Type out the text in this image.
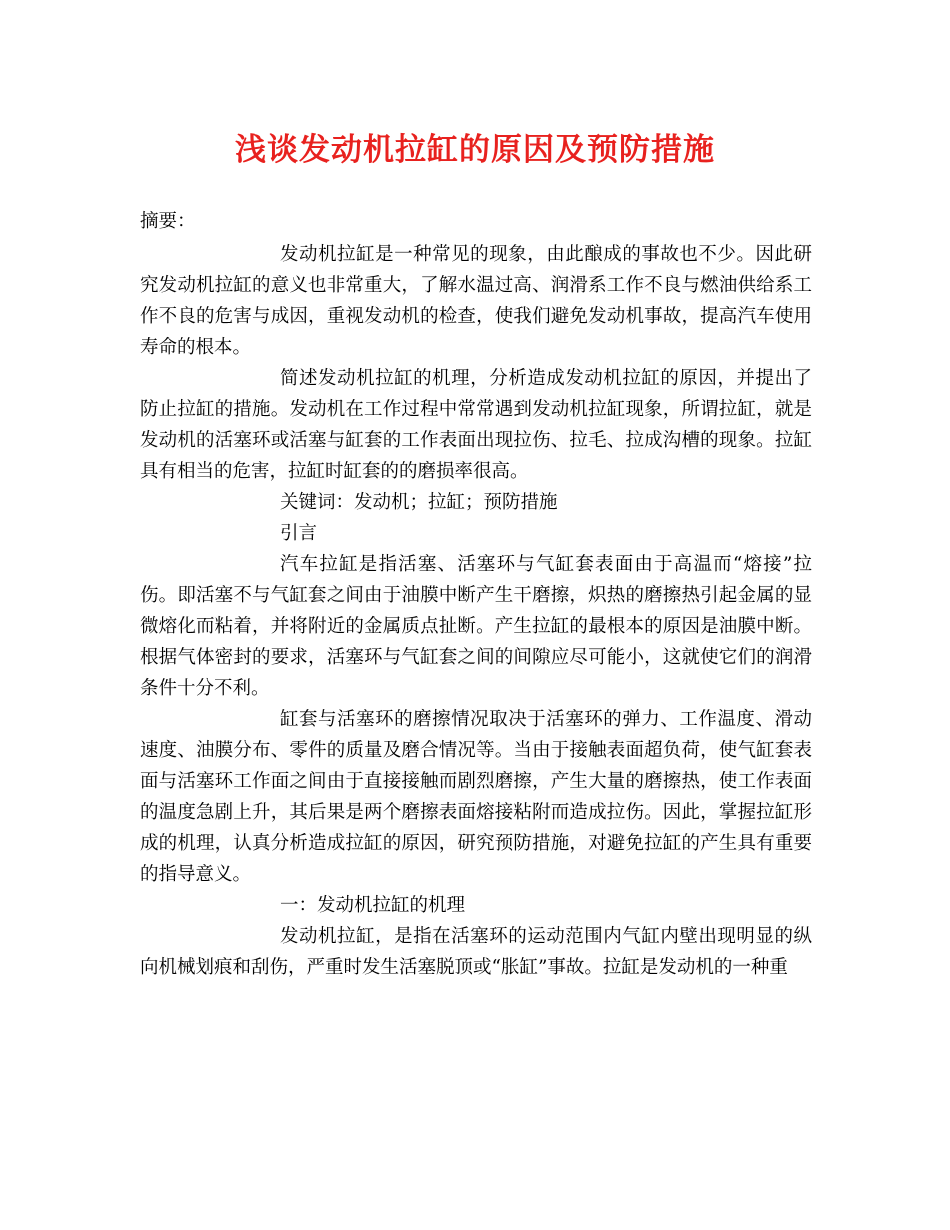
浅谈发动机拉缸的原因及预防措施

摘要：

发动机拉缸是一种常见的现象，由此酿成的事故也不少。因此研究发动机拉缸的意义也非常重大，了解水温过高、润滑系工作不良与燃油供给系工作不良的危害与成因，重视发动机的检查，使我们避免发动机事故，提高汽车使用寿命的根本。

简述发动机拉缸的机理，分析造成发动机拉缸的原因，并提出了防止拉缸的措施。发动机在工作过程中常常遇到发动机拉缸现象，所谓拉缸，就是发动机的活塞环或活塞与缸套的工作表面出现拉伤、拉毛、拉成沟槽的现象。拉缸具有相当的危害，拉缸时缸套的的磨损率很高。

关键词：发动机；拉缸；预防措施

引言

汽车拉缸是指活塞、活塞环与气缸套表面由于高温而“熔接”拉伤。即活塞不与气缸套之间由于油膜中断产生干磨擦，炽热的磨擦热引起金属的显微熔化而粘着，并将附近的金属质点扯断。产生拉缸的最根本的原因是油膜中断。根据气体密封的要求，活塞环与气缸套之间的间隙应尽可能小，这就使它们的润滑条件十分不利。

缸套与活塞环的磨擦情况取决于活塞环的弹力、工作温度、滑动速度、油膜分布、零件的质量及磨合情况等。当由于接触表面超负荷，使气缸套表面与活塞环工作面之间由于直接接触而剧烈磨擦，产生大量的磨擦热，使工作表面的温度急剧上升，其后果是两个磨擦表面熔接粘附而造成拉伤。因此，掌握拉缸形成的机理，认真分析造成拉缸的原因，研究预防措施，对避免拉缸的产生具有重要的指导意义。

一：发动机拉缸的机理

发动机拉缸，是指在活塞环的运动范围内气缸内壁出现明显的纵向机械划痕和刮伤，严重时发生活塞脱顶或“胀缸”事故。拉缸是发动机的一种重
